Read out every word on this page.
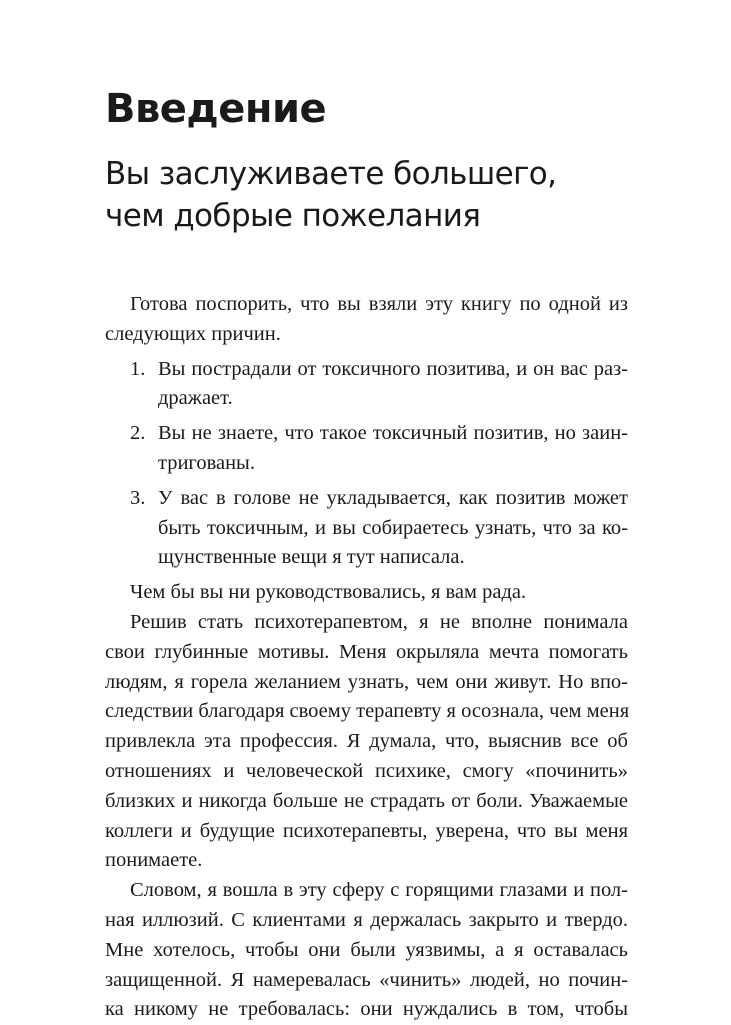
Введение
Вы заслуживаете большего,
чем добрые пожелания
Готова поспорить, что вы взяли эту книгу по одной из
следующих причин.
1. Вы пострадали от токсичного позитива, и он вас раз-
дражает.
2. Вы не знаете, что такое токсичный позитив, но заин-
тригованы.
3. У вас в голове не укладывается, как позитив может
быть токсичным, и вы собираетесь узнать, что за ко-
щунственные вещи я тут написала.
Чем бы вы ни руководствовались, я вам рада.
Решив стать психотерапевтом, я не вполне понимала
свои глубинные мотивы. Меня окрыляла мечта помогать
людям, я горела желанием узнать, чем они живут. Но впо-
следствии благодаря своему терапевту я осознала, чем меня
привлекла эта профессия. Я думала, что, выяснив все об
отношениях и человеческой психике, смогу «починить»
близких и никогда больше не страдать от боли. Уважаемые
коллеги и будущие психотерапевты, уверена, что вы меня
понимаете.
Словом, я вошла в эту сферу с горящими глазами и пол-
ная иллюзий. С клиентами я держалась закрыто и твердо.
Мне хотелось, чтобы они были уязвимы, а я оставалась
защищенной. Я намеревалась «чинить» людей, но почин-
ка никому не требовалась: они нуждались в том, чтобы
